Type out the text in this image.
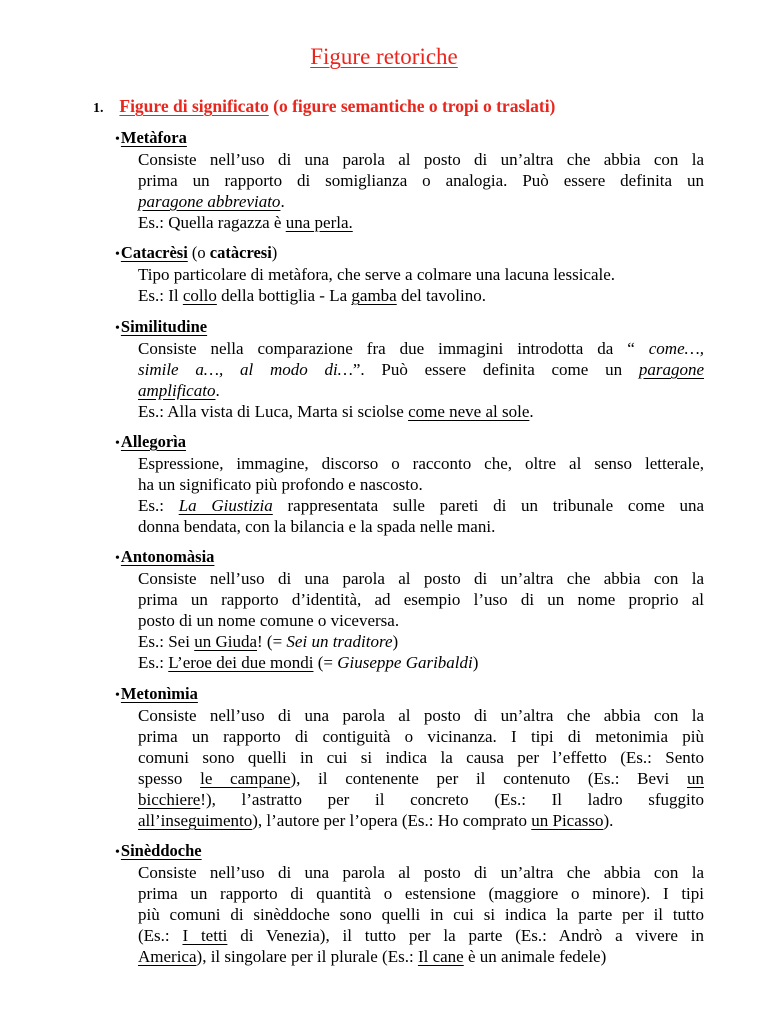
Figure retoriche
1. Figure di significato (o figure semantiche o tropi o traslati)
•Metàfora
Consiste nell’uso di una parola al posto di un’altra che abbia con la
prima un rapporto di somiglianza o analogia. Può essere definita un
paragone abbreviato.
Es.: Quella ragazza è una perla.
•Catacrèsi (o catàcresi)
Tipo particolare di metàfora, che serve a colmare una lacuna lessicale.
Es.: Il collo della bottiglia - La gamba del tavolino.
•Similitudine
Consiste nella comparazione fra due immagini introdotta da “ come…,
simile a…, al modo di…”. Può essere definita come un paragone
amplificato.
Es.: Alla vista di Luca, Marta si sciolse come neve al sole.
•Allegorìa
Espressione, immagine, discorso o racconto che, oltre al senso letterale,
ha un significato più profondo e nascosto.
Es.: La Giustizia rappresentata sulle pareti di un tribunale come una
donna bendata, con la bilancia e la spada nelle mani.
•Antonomàsia
Consiste nell’uso di una parola al posto di un’altra che abbia con la
prima un rapporto d’identità, ad esempio l’uso di un nome proprio al
posto di un nome comune o viceversa.
Es.: Sei un Giuda! (= Sei un traditore)
Es.: L’eroe dei due mondi (= Giuseppe Garibaldi)
•Metonìmia
Consiste nell’uso di una parola al posto di un’altra che abbia con la
prima un rapporto di contiguità o vicinanza. I tipi di metonimia più
comuni sono quelli in cui si indica la causa per l’effetto (Es.: Sento
spesso le campane), il contenente per il contenuto (Es.: Bevi un
bicchiere!), l’astratto per il concreto (Es.: Il ladro sfuggito
all’inseguimento), l’autore per l’opera (Es.: Ho comprato un Picasso).
•Sinèddoche
Consiste nell’uso di una parola al posto di un’altra che abbia con la
prima un rapporto di quantità o estensione (maggiore o minore). I tipi
più comuni di sinèddoche sono quelli in cui si indica la parte per il tutto
(Es.: I tetti di Venezia), il tutto per la parte (Es.: Andrò a vivere in
America), il singolare per il plurale (Es.: Il cane è un animale fedele)
